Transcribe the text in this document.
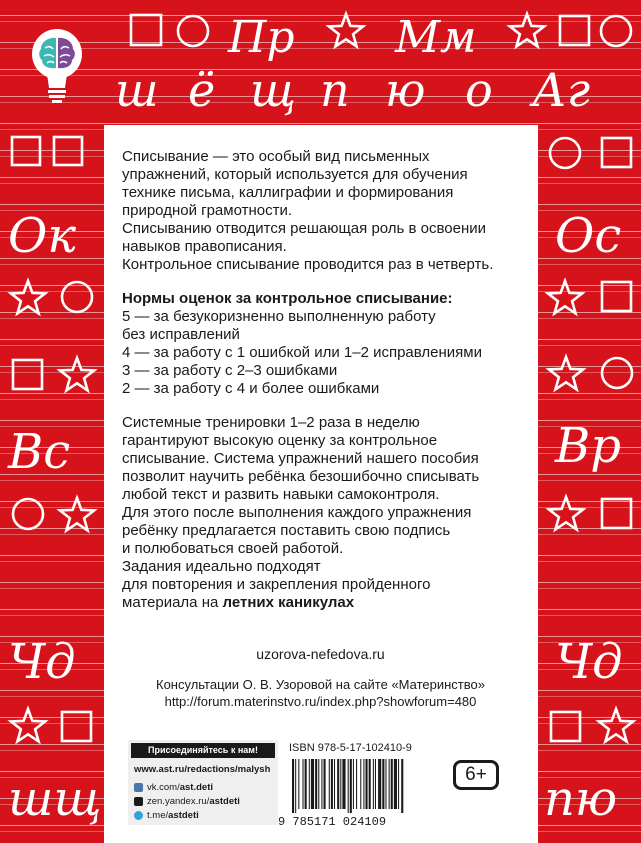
Пр Мм
ш ё щ п ю о Аг
Ок
Вс
Чд
шщ
Ос
Вр
Чд
пю

Списывание — это особый вид письменных

упражнений, который используется для обучения

технике письма, каллиграфии и формирования

природной грамотности.

Списыванию отводится решающая роль в освоении

навыков правописания.

Контрольное списывание проводится раз в четверть.

Нормы оценок за контрольное списывание:

5 — за безукоризненно выполненную работу

без исправлений

4 — за работу с 1 ошибкой или 1–2 исправлениями

3 — за работу с 2–3 ошибками

2 — за работу с 4 и более ошибками

Системные тренировки 1–2 раза в неделю

гарантируют высокую оценку за контрольное

списывание. Система упражнений нашего пособия

позволит научить ребёнка безошибочно списывать

любой текст и развить навыки самоконтроля.

Для этого после выполнения каждого упражнения

ребёнку предлагается поставить свою подпись

и полюбоваться своей работой.

Задания идеально подходят

для повторения и закрепления пройденного

материала на летних каникулах

uzorova-nefedova.ru
Консультации О. В. Узоровой на сайте «Материнство»
http://forum.materinstvo.ru/index.php?showforum=480
Присоединяйтесь к нам!
www.ast.ru/redactions/malysh
vk.com/ ast.deti
zen.yandex.ru/ astdeti
t.me/ astdeti
ISBN 978-5-17-102410-9
9 785171 024109
6+
